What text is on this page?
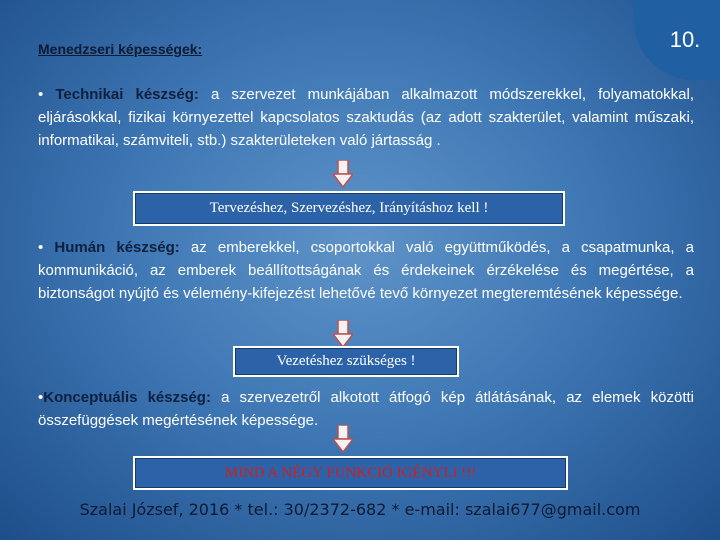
Menedzseri képességek:	10.
• Technikai készség: a szervezet munkájában alkalmazott módszerekkel, folyamatokkal, eljárásokkal, fizikai környezettel kapcsolatos szaktudás (az adott szakterület, valamint műszaki, informatikai, számviteli, stb.) szakterületeken való jártasság .
Tervezéshez, Szervezéshez, Irányításhoz kell !
• Humán készség: az emberekkel, csoportokkal való együttműködés, a csapatmunka, a kommunikáció, az emberek beállítottságának és érdekeinek érzékelése és megértése, a biztonságot nyújtó és vélemény-kifejezést lehetővé tevő környezet megteremtésének képessége.
Vezetéshez szükséges !
•Konceptuális készség: a szervezetről alkotott átfogó kép átlátásának, az elemek közötti összefüggések megértésének képessége.
MIND A NÉGY FUNKCIÓ IGÉNYLI !!!
Szalai József, 2016 * tel.: 30/2372-682 * e-mail: szalai677@gmail.com
